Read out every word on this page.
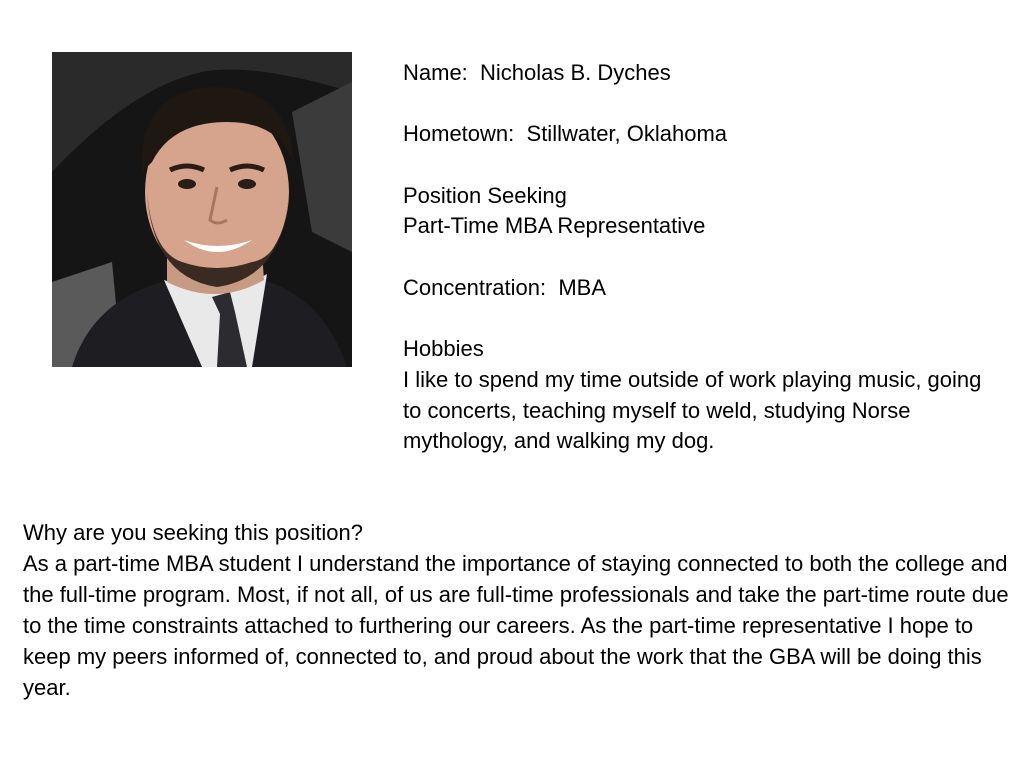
Name: Nicholas B. Dyches

Hometown: Stillwater, Oklahoma

Position Seeking

Part-Time MBA Representative

Concentration: MBA

Hobbies

I like to spend my time outside of work playing music, going to concerts, teaching myself to weld, studying Norse mythology, and walking my dog.

Why are you seeking this position?

As a part-time MBA student I understand the importance of staying connected to both the college and the full-time program. Most, if not all, of us are full-time professionals and take the part-time route due to the time constraints attached to furthering our careers. As the part-time representative I hope to keep my peers informed of, connected to, and proud about the work that the GBA will be doing this year.
